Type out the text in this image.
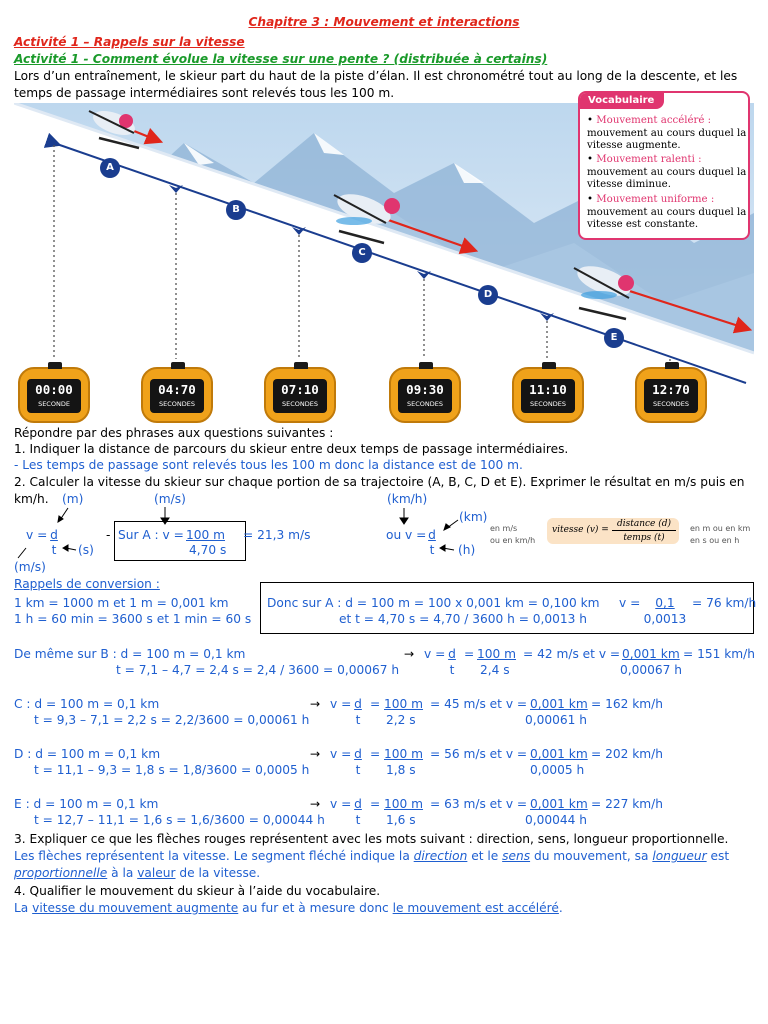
Chapitre 3 : Mouvement et interactions
Activité 1 – Rappels sur la vitesse
Activité 1 - Comment évolue la vitesse sur une pente ? (distribuée à certains)
Lors d’un entraînement, le skieur part du haut de la piste d’élan. Il est chronométré tout au long de la descente, et les
temps de passage intermédiaires sont relevés tous les 100 m.
A
B
C
D
E
00:00
SECONDE
04:70
SECONDES
07:10
SECONDES
09:30
SECONDES
11:10
SECONDES
12:70
SECONDES
Vocabulaire
• Mouvement accéléré : mouvement au cours duquel la vitesse augmente.
• Mouvement ralenti : mouvement au cours duquel la vitesse diminue.
• Mouvement uniforme : mouvement au cours duquel la vitesse est constante.
Répondre par des phrases aux questions suivantes :
1. Indiquer la distance de parcours du skieur entre deux temps de passage intermédiaires.
- Les temps de passage sont relevés tous les 100 m donc la distance est de 100 m.
2. Calculer la vitesse du skieur sur chaque portion de sa trajectoire (A, B, C, D et E). Exprimer le résultat en m/s puis en
km/h. (m)	(m/s)	(km/h)
(km)
(s)	(h)
(m/s)
v = d
t
- Sur A : v = 100 m = 21,3 m/s
4,70 s
ou v = d
t
en m/s
ou en km/h
vitesse (v) =
distance (d)
temps (t)
en m ou en km
en s ou en h
Rappels de conversion :
1 km = 1000 m et 1 m = 0,001 km
1 h = 60 min = 3600 s et 1 min = 60 s
Donc sur A : d = 100 m = 100 x 0,001 km = 0,100 km
et t = 4,70 s = 4,70 / 3600 h = 0,0013 h
v =	0,1	= 76 km/h
0,0013
De même sur B : d = 100 m = 0,1 km
t = 7,1 – 4,7 = 2,4 s = 2,4 / 3600 = 0,00067 h
→ v = d = 100 m = 42 m/s et v = 0,001 km = 151 km/h
t	2,4 s	0,00067 h
C : d = 100 m = 0,1 km
t = 9,3 – 7,1 = 2,2 s = 2,2/3600 = 0,00061 h
→ v = d = 100 m = 45 m/s et v = 0,001 km = 162 km/h
t	2,2 s	0,00061 h
D : d = 100 m = 0,1 km
t = 11,1 – 9,3 = 1,8 s = 1,8/3600 = 0,0005 h
→ v = d = 100 m = 56 m/s et v = 0,001 km = 202 km/h
t	1,8 s	0,0005 h
E : d = 100 m = 0,1 km
t = 12,7 – 11,1 = 1,6 s = 1,6/3600 = 0,00044 h
→ v = d = 100 m = 63 m/s et v = 0,001 km = 227 km/h
t	1,6 s	0,00044 h
3. Expliquer ce que les flèches rouges représentent avec les mots suivant : direction, sens, longueur proportionnelle.
Les flèches représentent la vitesse. Le segment fléché indique la direction et le sens du mouvement, sa longueur est
proportionnelle à la valeur de la vitesse.
4. Qualifier le mouvement du skieur à l’aide du vocabulaire.
La vitesse du mouvement augmente au fur et à mesure donc le mouvement est accéléré.
